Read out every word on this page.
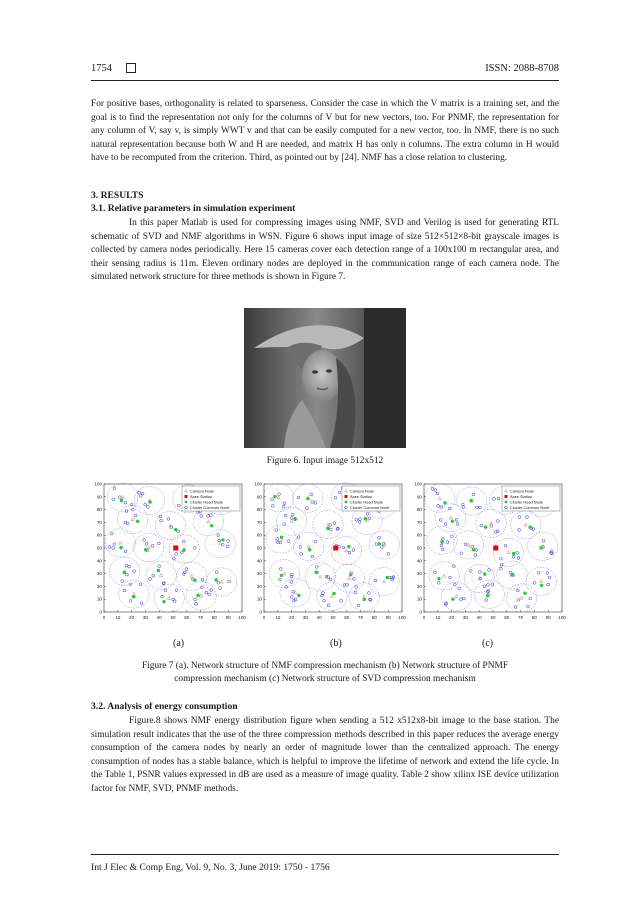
1754	ISSN: 2088-8708

For positive bases, orthogonality is related to sparseness. Consider the case in which the V matrix is a training set, and the goal is to find the representation not only for the columns of V but for new vectors, too. For PNMF, the representation for any column of V, say v, is simply WWT v and that can be easily computed for a new vector, too. In NMF, there is no such natural representation because both W and H are needed, and matrix H has only n columns. The extra column in H would have to be recomputed from the criterion. Third, as pointed out by [24]. NMF has a close relation to clustering.

3. RESULTS

3.1. Relative parameters in simulation experiment

In this paper Matlab is used for compressing images using NMF, SVD and Verilog is used for generating RTL schematic of SVD and NMF algorithms in WSN. Figure 6 shows input image of size 512×512×8-bit grayscale images is collected by camera nodes periodically. Here 15 cameras cover each detection range of a 100x100 m rectangular area, and their sensing radius is 11m. Eleven ordinary nodes are deployed in the communication range of each camera node. The simulated network structure for three methods is shown in Figure 7.

Figure 6. Input image 512x512

0 10 20 30 40 50 60 70 80 90 100
0
10
20
30
40
50
60
70
80
90
100
Camera Node
Base Station
Cluster Head Node
Cluster Common Node
0 10 20 30 40 50 60 70 80 90 100
0
10
20
30
40
50
60
70
80
90
100
Camera Node
Base Station
Cluster Head Node
Cluster Common Node
0 10 20 30 40 50 60 70 80 90 100
0
10
20
30
40
50
60
70
80
90
100
Camera Node
Base Station
Cluster Head Node
Cluster Common Node
(a)	(b)	(c)

Figure 7 (a). Network structure of NMF compression mechanism (b) Network structure of PNMF

compression mechanism (c) Network structure of SVD compression mechanism

3.2. Analysis of energy consumption

Figure.8 shows NMF energy distribution figure when sending a 512 x512x8-bit image to the base station. The simulation result indicates that the use of the three compression methods described in this paper reduces the average energy consumption of the camera nodes by nearly an order of magnitude lower than the centralized approach. The energy consumption of nodes has a stable balance, which is helpful to improve the lifetime of network and extend the life cycle. In the Table 1, PSNR values expressed in dB are used as a measure of image quality. Table 2 show xilinx ISE device utilization factor for NMF, SVD, PNMF methods.

Int J Elec & Comp Eng, Vol. 9, No. 3, June 2019: 1750 - 1756
